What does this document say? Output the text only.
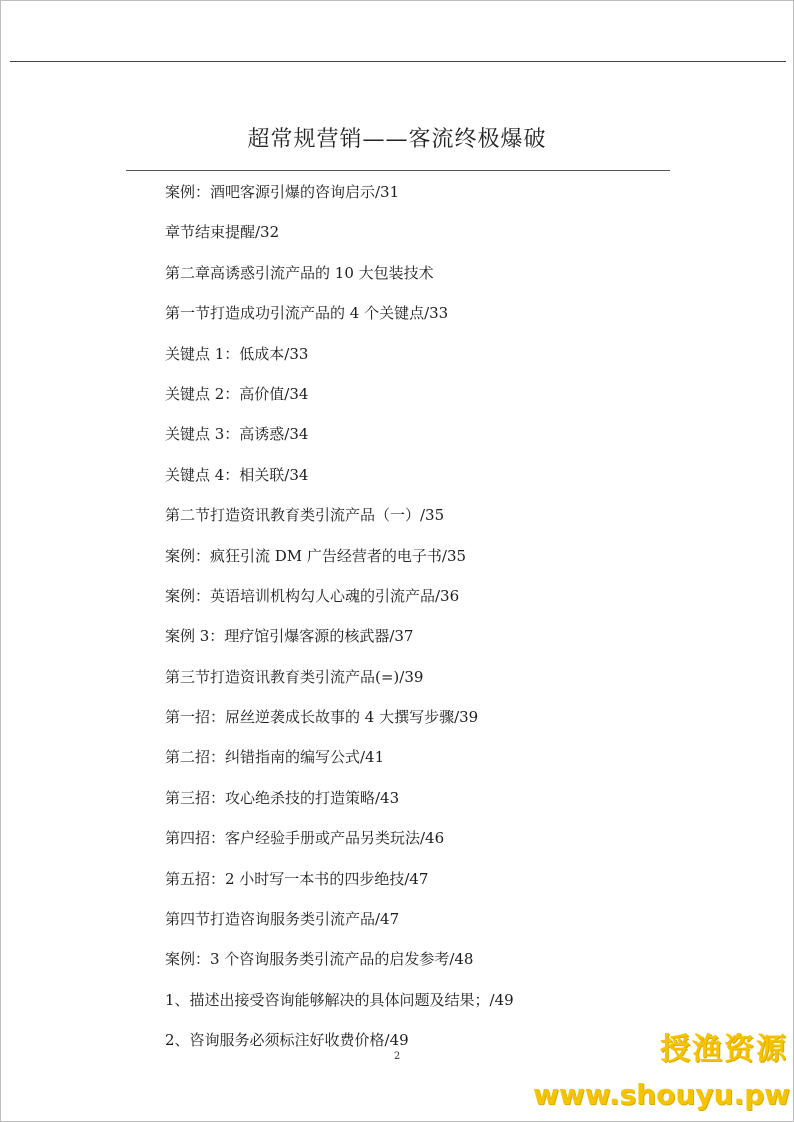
超常规营销——客流终极爆破
案例：酒吧客源引爆的咨询启示/31
章节结束提醒/32
第二章高诱惑引流产品的 10 大包装技术
第一节打造成功引流产品的 4 个关键点/33
关键点 1：低成本/33
关键点 2：高价值/34
关键点 3：高诱惑/34
关键点 4：相关联/34
第二节打造资讯教育类引流产品（一）/35
案例：疯狂引流 DM 广告经营者的电子书/35
案例：英语培训机构勾人心魂的引流产品/36
案例 3：理疗馆引爆客源的核武器/37
第三节打造资讯教育类引流产品(=)/39
第一招：屌丝逆袭成长故事的 4 大撰写步骤/39
第二招：纠错指南的编写公式/41
第三招：攻心绝杀技的打造策略/43
第四招：客户经验手册或产品另类玩法/46
第五招：2 小时写一本书的四步绝技/47
第四节打造咨询服务类引流产品/47
案例：3 个咨询服务类引流产品的启发参考/48
1、描述出接受咨询能够解决的具体问题及结果；/49
2、咨询服务必须标注好收费价格/49
2	授渔资源
www.shouyu.pw
